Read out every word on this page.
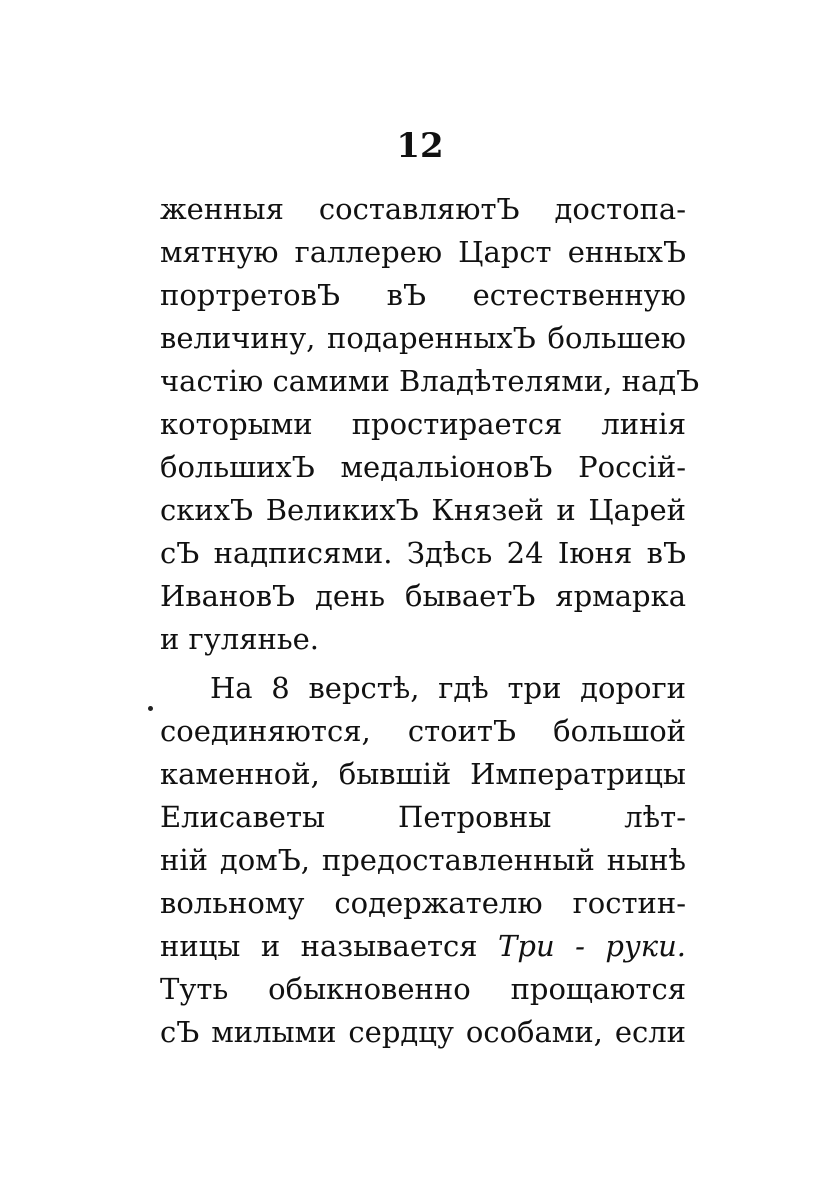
12
женныя составляютЪ достопа-
мятную галлерею Царст енныхЪ
портретовЪ вЪ естественную
величину, подаренныхЪ большею
частію самими Владѣтелями, надЪ
которыми простирается линія
большихЪ медальіоновЪ Россій-
скихЪ ВеликихЪ Князей и Царей
сЪ надписями. Здѣсь 24 Іюня вЪ
ИвановЪ день бываетЪ ярмарка
и гулянье.
На 8 верстѣ, гдѣ три дороги
соединяются, стоитЪ большой
каменной, бывшій Императрицы
Елисаветы Петровны лѣт-
ній домЪ, предоставленный нынѣ
вольному содержателю гостин-
ницы и называется Три - руки.
Туть обыкновенно прощаются
сЪ милыми сердцу особами, если
